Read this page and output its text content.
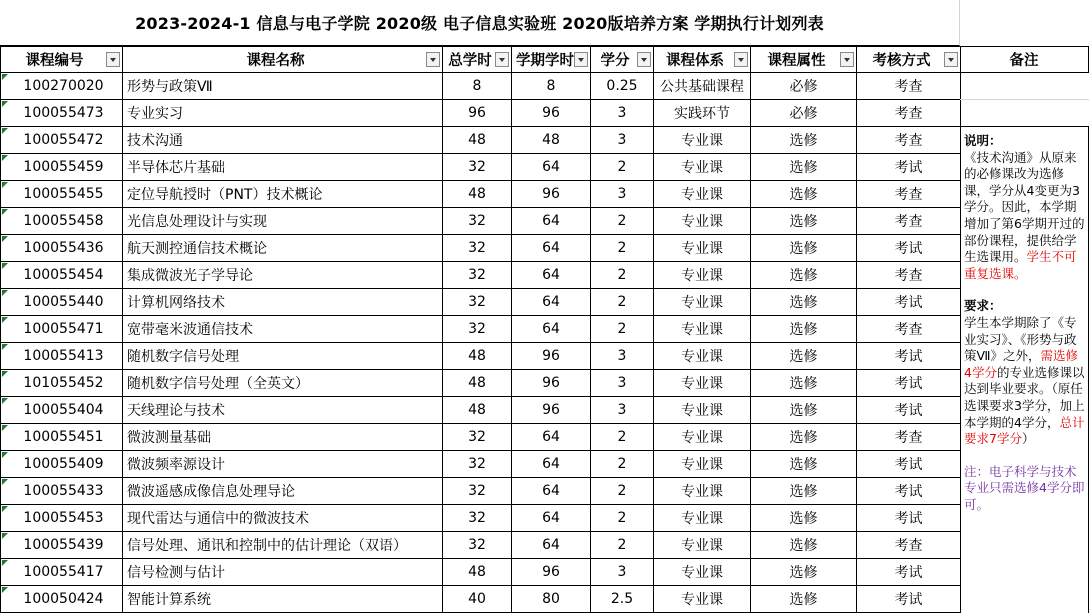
2023-2024-1 信息与电子学院 2020级 电子信息实验班 2020版培养方案 学期执行计划列表
课程编号	课程名称	总学时	学期学时	学分	课程体系	课程属性	考核方式

100270020	形势与政策Ⅶ	8	8	0.25	公共基础课程	必修	考查

100055473	专业实习	96	96	3	实践环节	必修	考查

100055472	技术沟通	48	48	3	专业课	选修	考查

100055459	半导体芯片基础	32	64	2	专业课	选修	考试

100055455	定位导航授时（PNT）技术概论	48	96	3	专业课	选修	考查

100055458	光信息处理设计与实现	32	64	2	专业课	选修	考查

100055436	航天测控通信技术概论	32	64	2	专业课	选修	考试

100055454	集成微波光子学导论	32	64	2	专业课	选修	考查

100055440	计算机网络技术	32	64	2	专业课	选修	考试

100055471	宽带毫米波通信技术	32	64	2	专业课	选修	考查

100055413	随机数字信号处理	48	96	3	专业课	选修	考试

101055452	随机数字信号处理（全英文）	48	96	3	专业课	选修	考试

100055404	天线理论与技术	48	96	3	专业课	选修	考试

100055451	微波测量基础	32	64	2	专业课	选修	考查

100055409	微波频率源设计	32	64	2	专业课	选修	考试

100055433	微波遥感成像信息处理导论	32	64	2	专业课	选修	考试

100055453	现代雷达与通信中的微波技术	32	64	2	专业课	选修	考试

100055439	信号处理、通讯和控制中的估计理论（双语）	32	64	2	专业课	选修	考查

100055417	信号检测与估计	48	96	3	专业课	选修	考试

100050424	智能计算系统	40	80	2.5	专业课	选修	考试
备注
说明：
《技术沟通》从原来的必修课改为选修课，学分从4变更为3学分。因此，本学期增加了第6学期开过的部份课程，提供给学生选课用。学生不可重复选课。
要求：
学生本学期除了《专业实习》、《形势与政策Ⅶ》之外，需选修4学分的专业选修课以达到毕业要求。（原任选课要求3学分，加上本学期的4学分，总计要求7学分）
注：电子科学与技术专业只需选修4学分即可。
